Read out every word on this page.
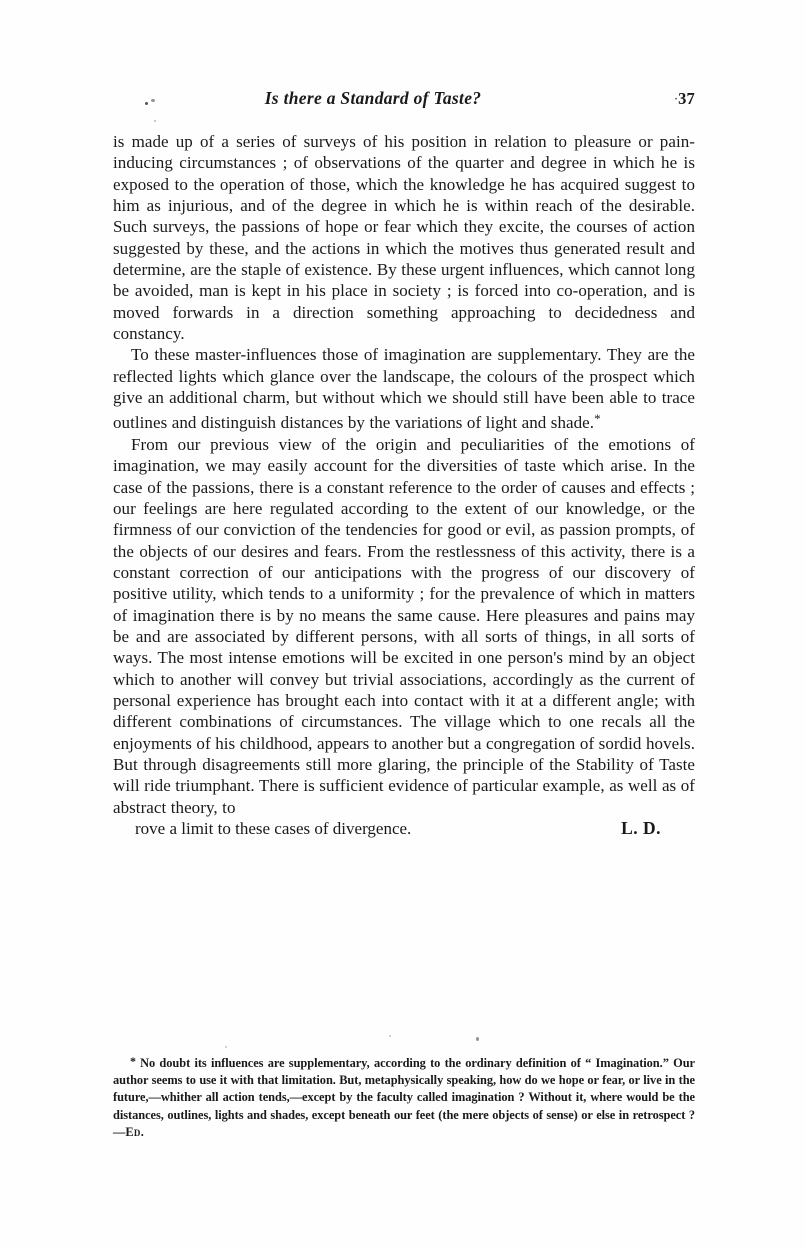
Is there a Standard of Taste?	·37

is made up of a series of surveys of his position in relation to pleasure or pain-inducing circumstances ; of observations of the quarter and degree in which he is exposed to the operation of those, which the knowledge he has acquired suggest to him as injurious, and of the degree in which he is within reach of the desirable. Such surveys, the passions of hope or fear which they excite, the courses of action suggested by these, and the actions in which the motives thus generated result and determine, are the staple of existence. By these urgent influences, which cannot long be avoided, man is kept in his place in society ; is forced into co-operation, and is moved forwards in a direction something approaching to decidedness and constancy.

To these master-influences those of imagination are supplementary. They are the reflected lights which glance over the landscape, the colours of the prospect which give an additional charm, but without which we should still have been able to trace outlines and distinguish distances by the variations of light and shade.*

From our previous view of the origin and peculiarities of the emotions of imagination, we may easily account for the diversities of taste which arise. In the case of the passions, there is a constant reference to the order of causes and effects ; our feelings are here regulated according to the extent of our knowledge, or the firmness of our conviction of the tendencies for good or evil, as passion prompts, of the objects of our desires and fears. From the restlessness of this activity, there is a constant correction of our anticipations with the progress of our discovery of positive utility, which tends to a uniformity ; for the prevalence of which in matters of imagination there is by no means the same cause. Here pleasures and pains may be and are associated by different persons, with all sorts of things, in all sorts of ways. The most intense emotions will be excited in one person's mind by an object which to another will convey but trivial associations, accordingly as the current of personal experience has brought each into contact with it at a different angle; with different combinations of circumstances. The village which to one recals all the enjoyments of his childhood, appears to another but a congregation of sordid hovels. But through disagreements still more glaring, the principle of the Stability of Taste will ride triumphant. There is sufficient evidence of particular example, as well as of abstract theory, to

rove a limit to these cases of divergence.	L. D.

* No doubt its influences are supplementary, according to the ordinary definition of “ Imagination.” Our author seems to use it with that limitation. But, metaphysically speaking, how do we hope or fear, or live in the future,—whither all action tends,—except by the faculty called imagination ? Without it, where would be the distances, outlines, lights and shades, except beneath our feet (the mere objects of sense) or else in retrospect ?—Ed.
